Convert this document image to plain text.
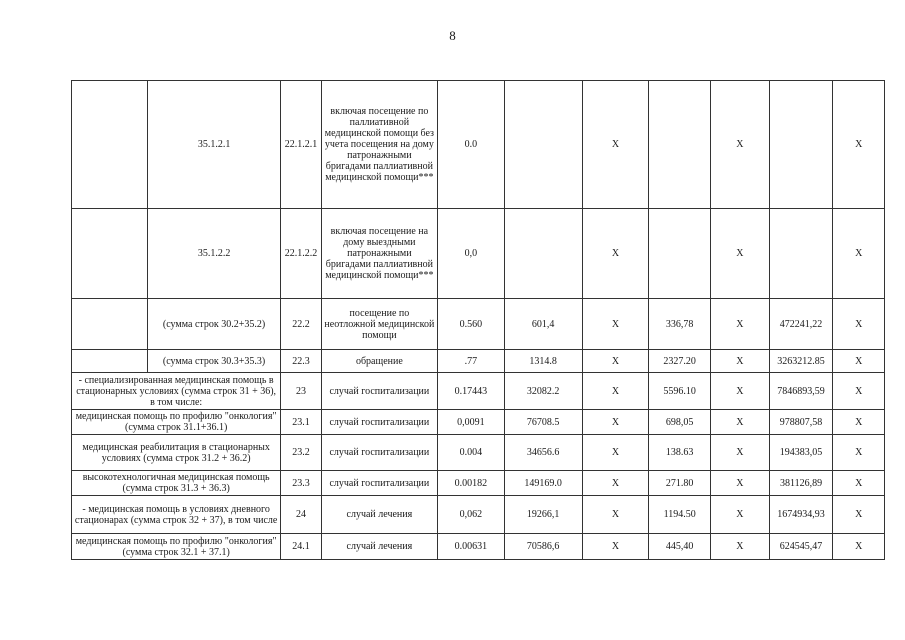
8
	35.1.2.1	22.1.2.1	включая посещение по паллиативной медицинской помощи без учета посещения на дому патронажными бригадами паллиативной медицинской помощи***	0.0		X		X		X
	35.1.2.2	22.1.2.2	включая посещение на дому выездными патронажными бригадами паллиативной медицинской помощи***	0,0		X		X		X
	(сумма строк 30.2+35.2)	22.2	посещение по неотложной медицинской помощи	0.560	601,4	X	336,78	X	472241,22	X
	(сумма строк 30.3+35.3)	22.3	обращение	.77	1314.8	X	2327.20	X	3263212.85	X
- специализированная медицинская помощь в стационарных условиях (сумма строк 31 + 36), в том числе:		23	случай госпитализации	0.17443	32082.2	X	5596.10	X	7846893,59	X
медицинская помощь по профилю "онкология" (сумма строк 31.1+36.1)		23.1	случай госпитализации	0,0091	76708.5	X	698,05	X	978807,58	X
медицинская реабилитация в стационарных условиях (сумма строк 31.2 + 36.2)		23.2	случай госпитализации	0.004	34656.6	X	138.63	X	194383,05	X
высокотехнологичная медицинская помощь (сумма строк 31.3 + 36.3)		23.3	случай госпитализации	0.00182	149169.0	X	271.80	X	381126,89	X
- медицинская помощь в условиях дневного стационарах (сумма строк 32 + 37), в том числе		24	случай лечения	0,062	19266,1	X	1194.50	X	1674934,93	X
медицинская помощь по профилю "онкология" (сумма строк 32.1 + 37.1)		24.1	случай лечения	0.00631	70586,6	X	445,40	X	624545,47	X
